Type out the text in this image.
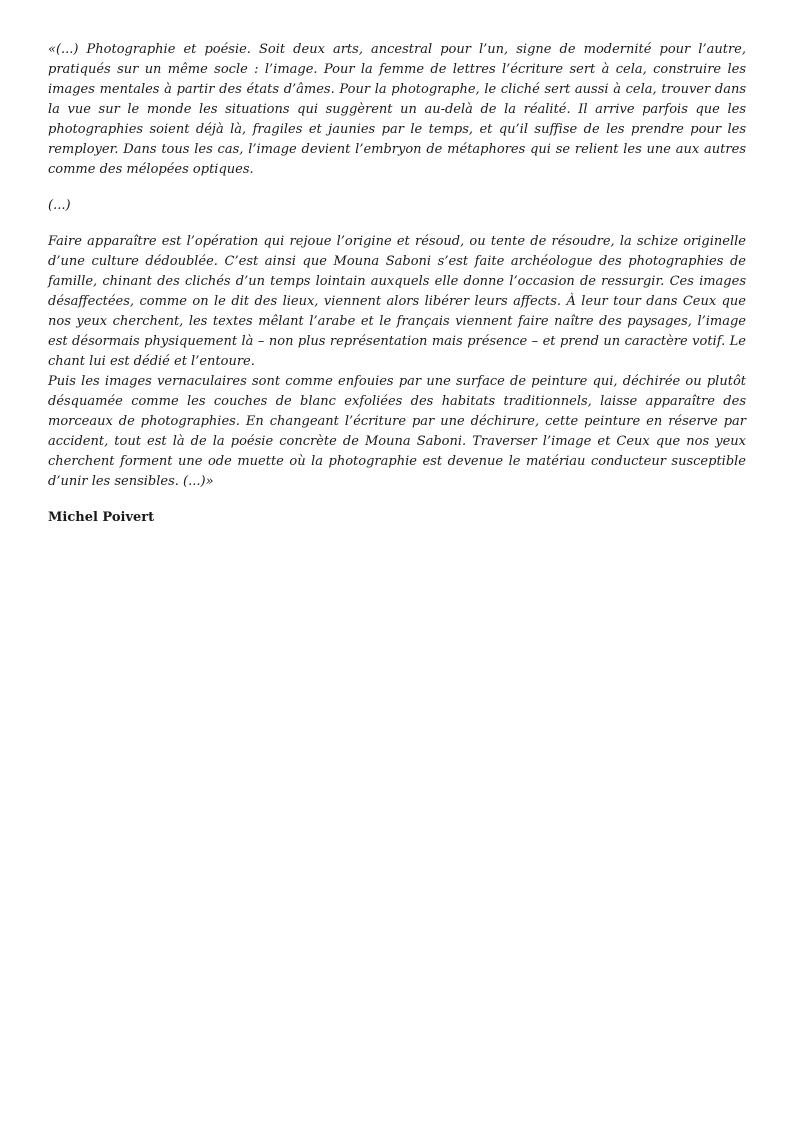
«(...) Photographie et poésie. Soit deux arts, ancestral pour l’un, signe de modernité pour l’autre, pratiqués sur un même socle : l’image. Pour la femme de lettres l’écriture sert à cela, construire les images mentales à partir des états d’âmes. Pour la photographe, le cliché sert aussi à cela, trouver dans la vue sur le monde les situations qui suggèrent un au-delà de la réalité. Il arrive parfois que les photographies soient déjà là, fragiles et jaunies par le temps, et qu’il suffise de les prendre pour les remployer. Dans tous les cas, l’image devient l’embryon de métaphores qui se relient les une aux autres comme des mélopées optiques.

(...)

Faire apparaître est l’opération qui rejoue l’origine et résoud, ou tente de résoudre, la schize originelle d’une culture dédoublée. C’est ainsi que Mouna Saboni s’est faite archéologue des photographies de famille, chinant des clichés d’un temps lointain auxquels elle donne l’occasion de ressurgir. Ces images désaffectées, comme on le dit des lieux, viennent alors libérer leurs affects. À leur tour dans Ceux que nos yeux cherchent, les textes mêlant l’arabe et le français viennent faire naître des paysages, l’image est désormais physiquement là – non plus représentation mais présence – et prend un caractère votif. Le chant lui est dédié et l’entoure.

Puis les images vernaculaires sont comme enfouies par une surface de peinture qui, déchirée ou plutôt désquamée comme les couches de blanc exfoliées des habitats traditionnels, laisse apparaître des morceaux de photographies. En changeant l’écriture par une déchirure, cette peinture en réserve par accident, tout est là de la poésie concrète de Mouna Saboni. Traverser l’image et Ceux que nos yeux cherchent forment une ode muette où la photographie est devenue le matériau conducteur susceptible d’unir les sensibles. (...)»

Michel Poivert
